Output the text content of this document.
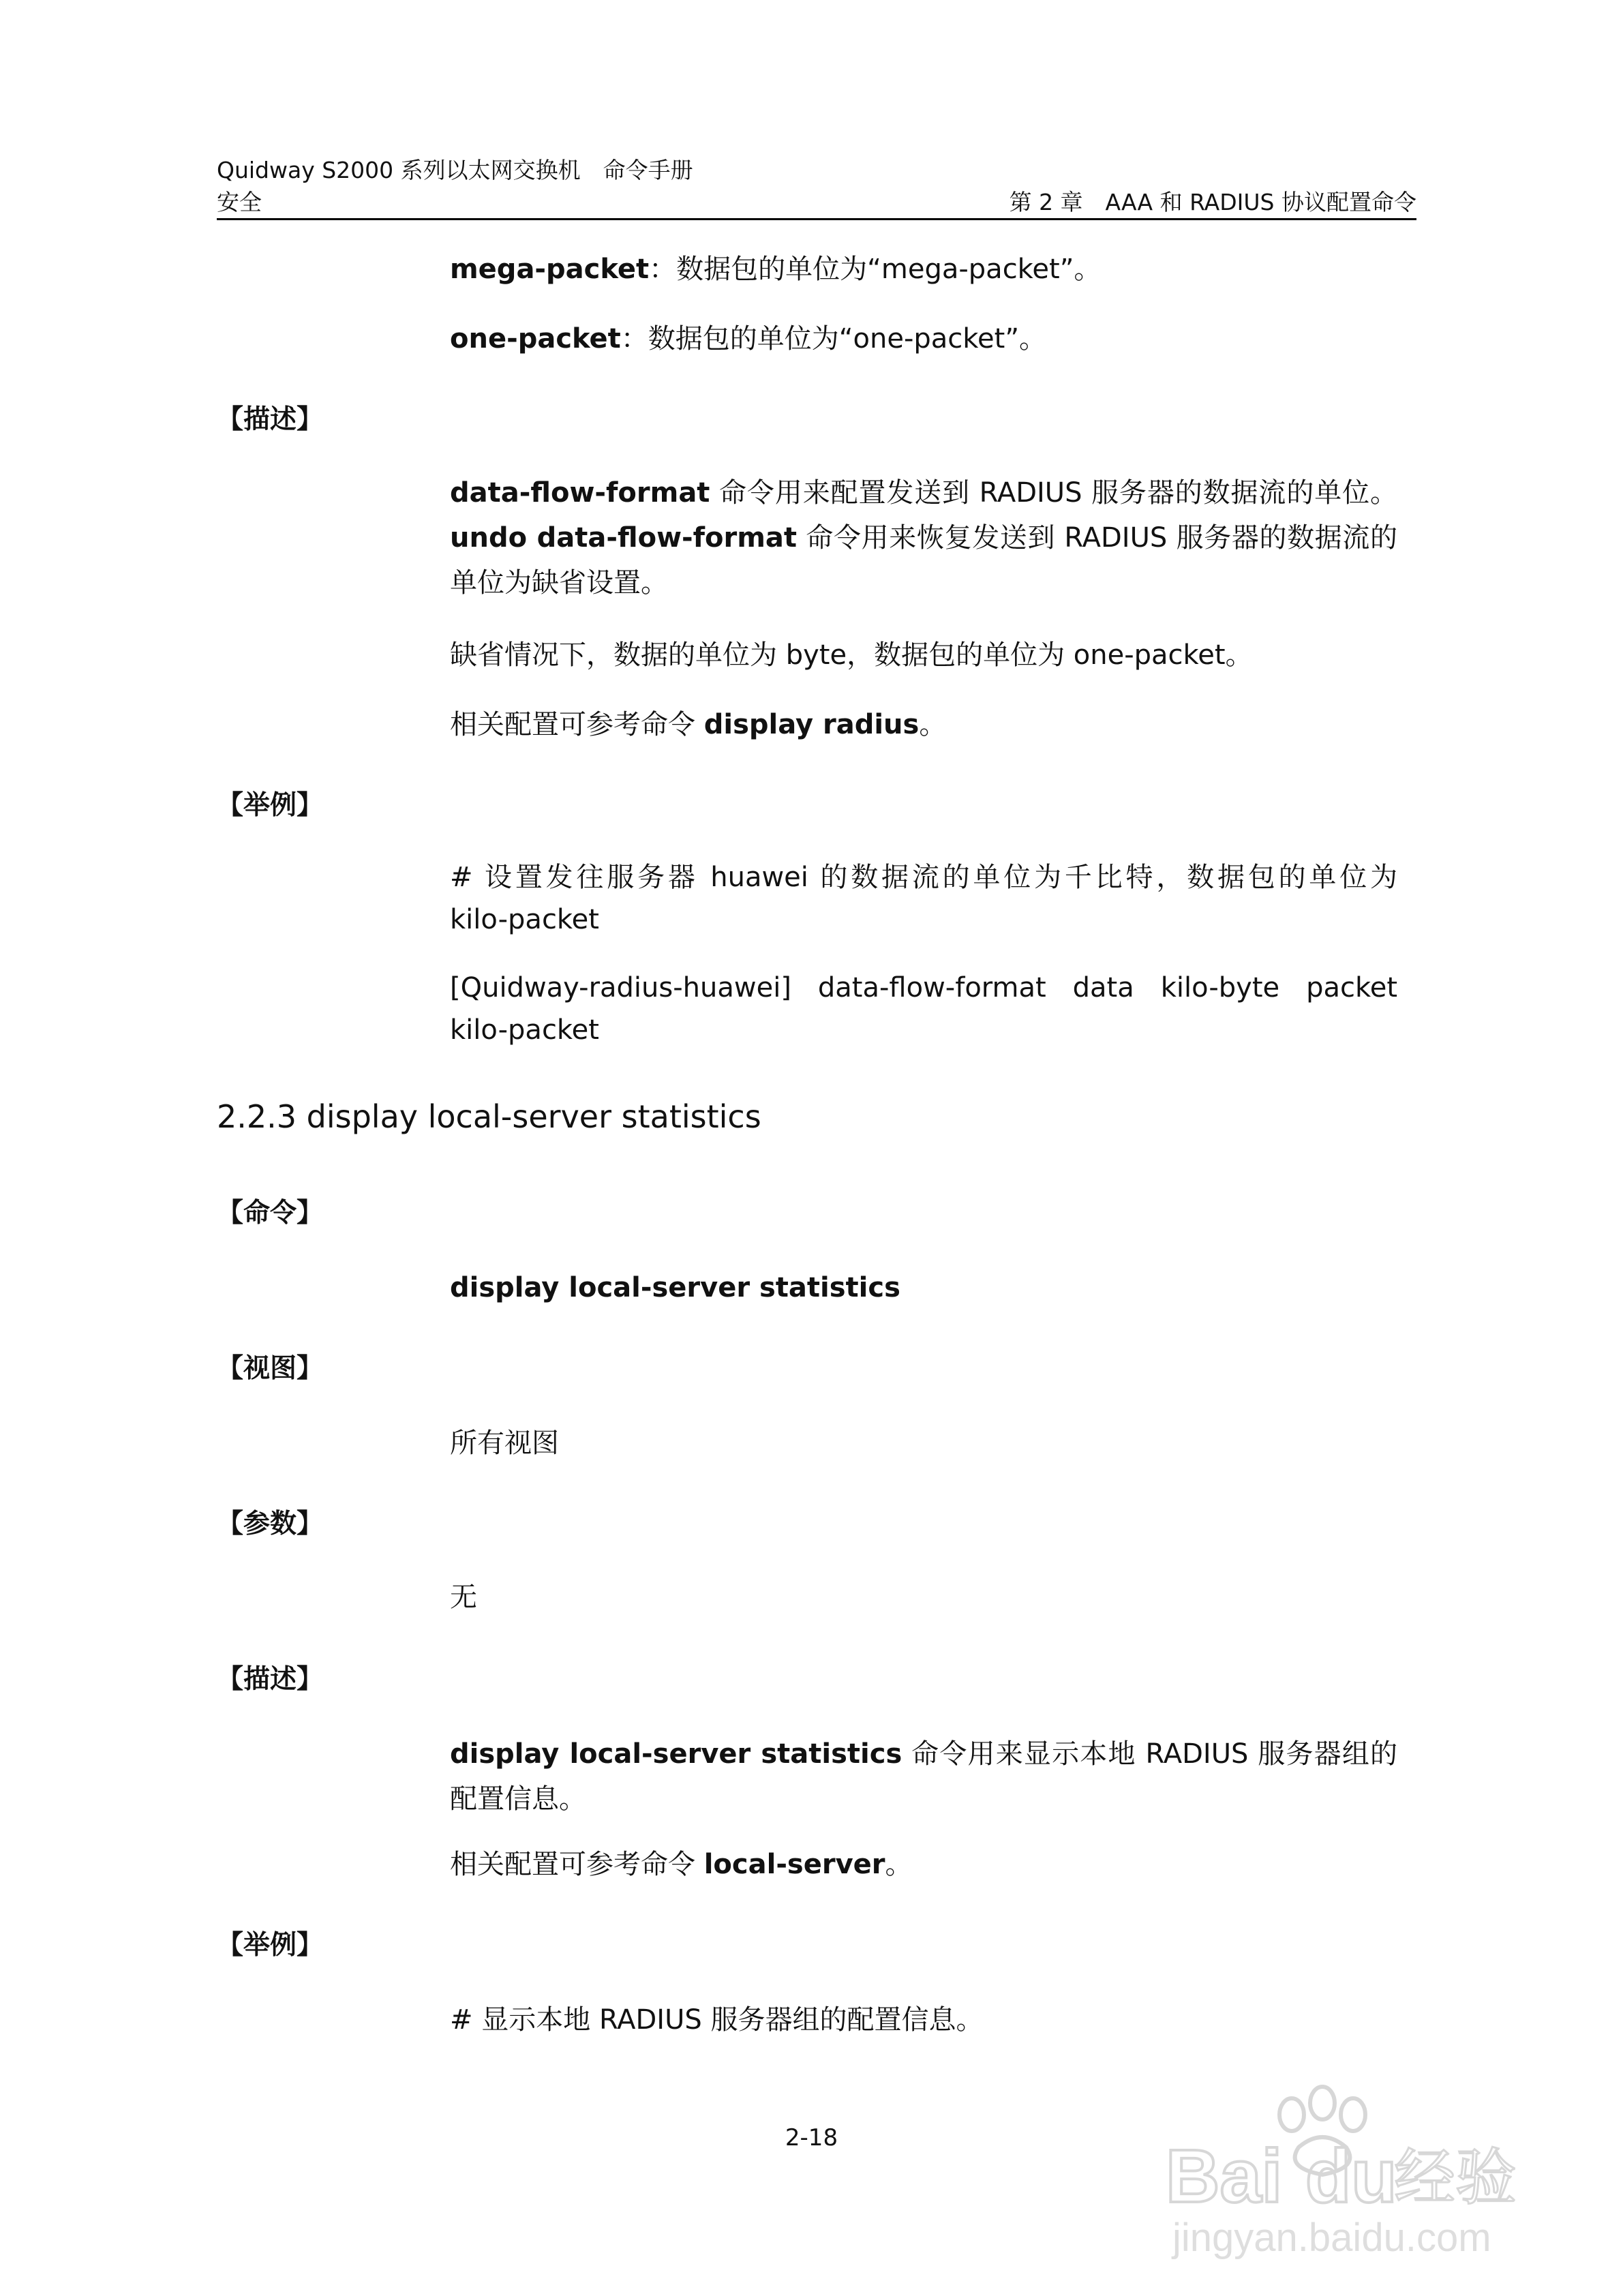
Quidway S2000 系列以太网交换机　命令手册
安全	第 2 章　AAA 和 RADIUS 协议配置命令
mega-packet：数据包的单位为“mega-packet”。
one-packet：数据包的单位为“one-packet”。
【描述】
data-flow-format 命令用来配置发送到 RADIUS 服务器的数据流的单位。
undo data-flow-format 命令用来恢复发送到 RADIUS 服务器的数据流的单位为缺省设置。
缺省情况下，数据的单位为 byte，数据包的单位为 one-packet。
相关配置可参考命令 display radius。
【举例】
# 设置发往服务器 huawei 的数据流的单位为千比特，数据包的单位为
kilo-packet
[Quidway-radius-huawei] data-flow-format data kilo-byte packet
kilo-packet
2.2.3 display local-server statistics
【命令】
display local-server statistics
【视图】
所有视图
【参数】
无
【描述】
display local-server statistics 命令用来显示本地 RADIUS 服务器组的配置信息。
相关配置可参考命令 local-server。
【举例】
# 显示本地 RADIUS 服务器组的配置信息。
2-18	Bai du
经验
jingyan.baidu.com
